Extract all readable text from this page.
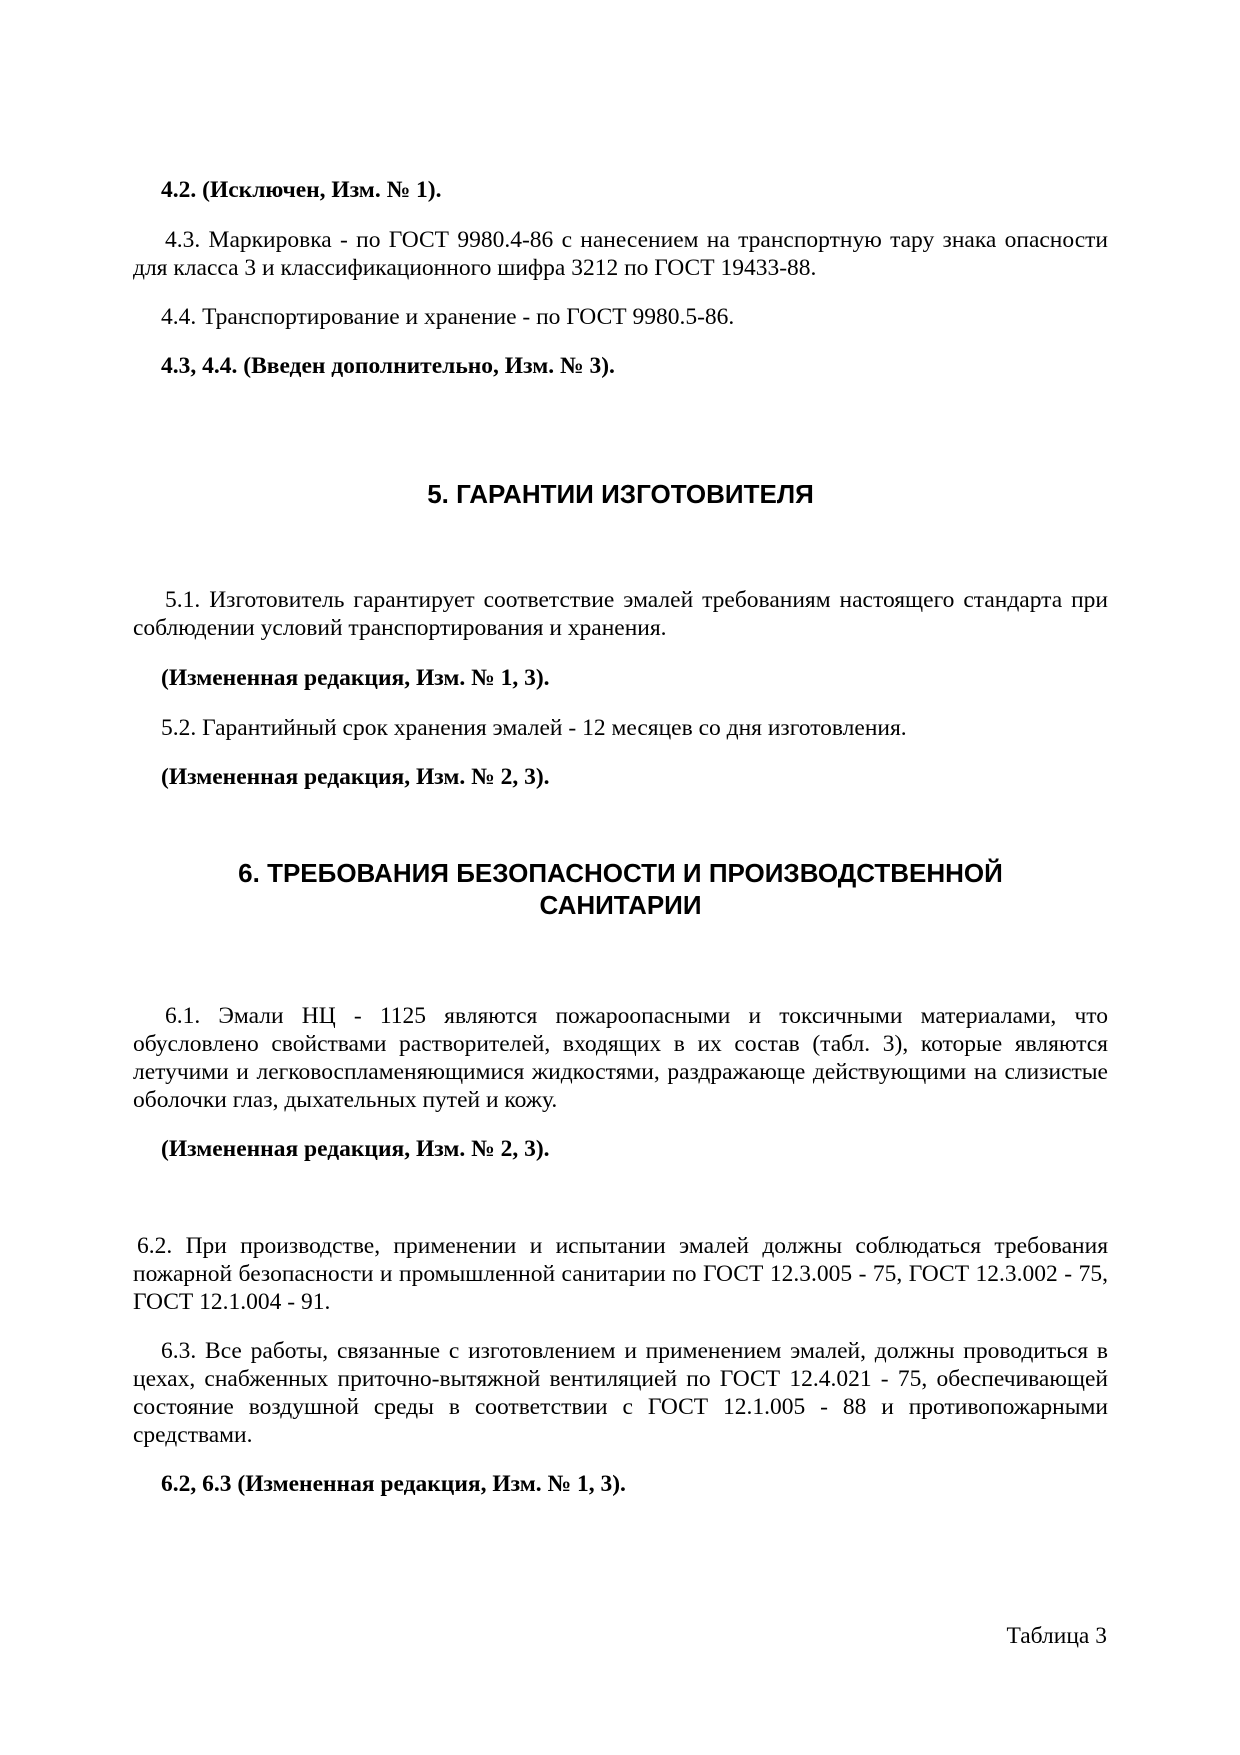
4.2. (Исключен, Изм. № 1).

4.3. Маркировка - по ГОСТ 9980.4-86 с нанесением на транспортную тару знака опасности для класса 3 и классификационного шифра 3212 по ГОСТ 19433-88.

4.4. Транспортирование и хранение - по ГОСТ 9980.5-86.

4.3, 4.4. (Введен дополнительно, Изм. № 3).

5. ГАРАНТИИ ИЗГОТОВИТЕЛЯ

5.1. Изготовитель гарантирует соответствие эмалей требованиям настоящего стандарта при соблюдении условий транспортирования и хранения.

(Измененная редакция, Изм. № 1, 3).

5.2. Гарантийный срок хранения эмалей - 12 месяцев со дня изготовления.

(Измененная редакция, Изм. № 2, 3).

6. ТРЕБОВАНИЯ БЕЗОПАСНОСТИ И ПРОИЗВОДСТВЕННОЙ
САНИТАРИИ

6.1. Эмали НЦ - 1125 являются пожароопасными и токсичными материалами, что обусловлено свойствами растворителей, входящих в их состав (табл. 3), которые являются летучими и легковоспламеняющимися жидкостями, раздражающе действующими на слизистые оболочки глаз, дыхательных путей и кожу.

(Измененная редакция, Изм. № 2, 3).

6.2. При производстве, применении и испытании эмалей должны соблюдаться требования пожарной безопасности и промышленной санитарии по ГОСТ 12.3.005 - 75, ГОСТ 12.3.002 - 75, ГОСТ 12.1.004 - 91.

6.3. Все работы, связанные с изготовлением и применением эмалей, должны проводиться в цехах, снабженных приточно-вытяжной вентиляцией по ГОСТ 12.4.021 - 75, обеспечивающей состояние воздушной среды в соответствии с ГОСТ 12.1.005 - 88 и противопожарными средствами.

6.2, 6.3 (Измененная редакция, Изм. № 1, 3).

Таблица 3
